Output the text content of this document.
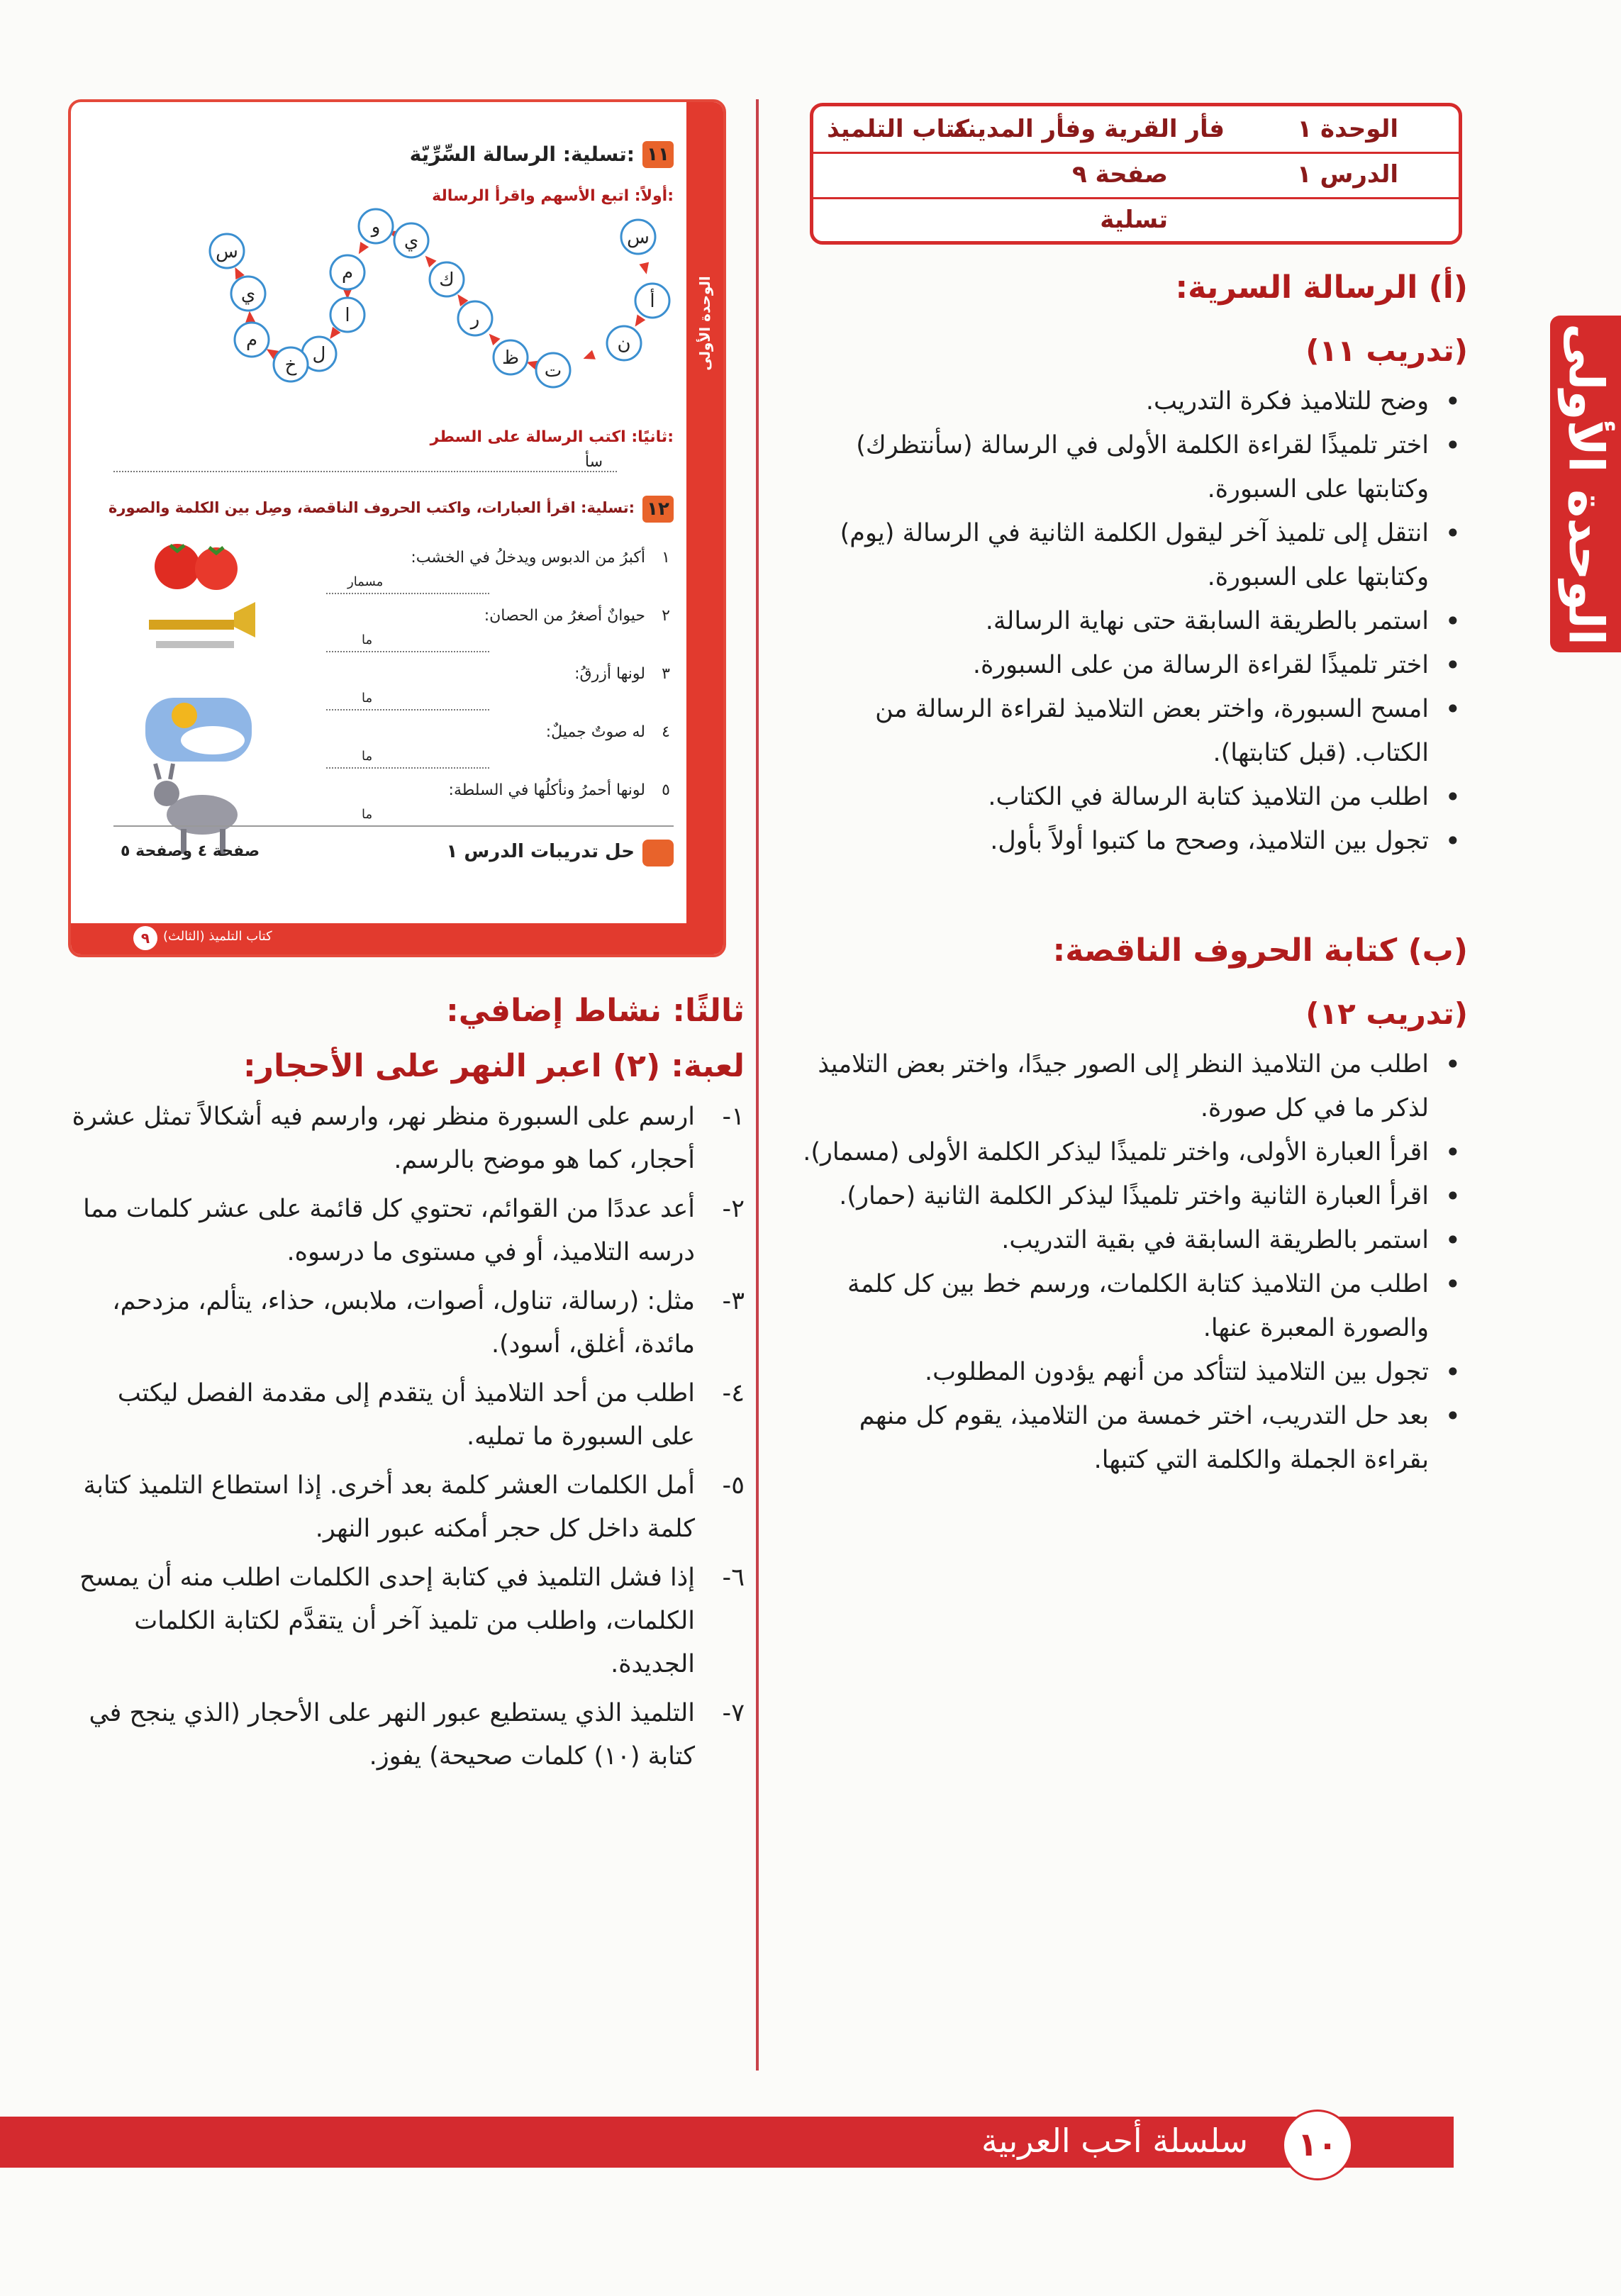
الوحدة الأولى
الوحدة ١
فأر القرية وفأر المدينة
كتاب التلميذ
الدرس ١
صفحة ٩
تسلية
(أ) الرسالة السرية:
(تدريب ١١)
• وضح للتلاميذ فكرة التدريب.
• اختر تلميذًا لقراءة الكلمة الأولى في الرسالة (سأنتظرك) وكتابتها على السبورة.
• انتقل إلى تلميذ آخر ليقول الكلمة الثانية في الرسالة (يوم) وكتابتها على السبورة.
• استمر بالطريقة السابقة حتى نهاية الرسالة.
• اختر تلميذًا لقراءة الرسالة من على السبورة.
• امسح السبورة، واختر بعض التلاميذ لقراءة الرسالة من الكتاب. (قبل كتابتها).
• اطلب من التلاميذ كتابة الرسالة في الكتاب.
• تجول بين التلاميذ، وصحح ما كتبوا أولاً بأول.
(ب) كتابة الحروف الناقصة:
(تدريب ١٢)
• اطلب من التلاميذ النظر إلى الصور جيدًا، واختر بعض التلاميذ لذكر ما في كل صورة.
• اقرأ العبارة الأولى، واختر تلميذًا ليذكر الكلمة الأولى (مسمار).
• اقرأ العبارة الثانية واختر تلميذًا ليذكر الكلمة الثانية (حمار).
• استمر بالطريقة السابقة في بقية التدريب.
• اطلب من التلاميذ كتابة الكلمات، ورسم خط بين كل كلمة والصورة المعبرة عنها.
• تجول بين التلاميذ لتتأكد من أنهم يؤدون المطلوب.
• بعد حل التدريب، اختر خمسة من التلاميذ، يقوم كل منهم بقراءة الجملة والكلمة التي كتبها.
الوحدة الأولى
١١
تسلية: الرسالة السِّرِّيّة:
أولاً: اتبع الأسهم واقرأ الرسالة:
س
أ
ن
ت
ظ
ر
ك
ي
و
م
ا
ل
خ
م
ي
س
ثانيًا: اكتب الرسالة على السطر:
سأ
١٢
تسلية: اقرأ العبارات، واكتب الحروف الناقصة، وصِل بين الكلمة والصورة:
١
أكبرُ من الدبوس ويدخلُ في الخشب:
مسمار
٢
حيوانٌ أصغرُ من الحصان:
ما
٣
لونها أزرقُ:
ما
٤
له صوتٌ جميلٌ:
ما
٥
لونها أحمرُ ونأكلُها في السلطة:
ما
حل تدريبات الدرس ١
صفحة ٤ وصفحة ٥
كتاب التلميذ (الثالث)
٩
ثالثًا: نشاط إضافي:
لعبة: (٢) اعبر النهر على الأحجار:
١-
ارسم على السبورة منظر نهر، وارسم فيه أشكالاً تمثل عشرة أحجار، كما هو موضح بالرسم.
٢-
أعد عددًا من القوائم، تحتوي كل قائمة على عشر كلمات مما درسه التلاميذ، أو في مستوى ما درسوه.
٣-
مثل: (رسالة، تناول، أصوات، ملابس، حذاء، يتألم، مزدحم، مائدة، أغلق، أسود).
٤-
اطلب من أحد التلاميذ أن يتقدم إلى مقدمة الفصل ليكتب على السبورة ما تمليه.
٥-
أمل الكلمات العشر كلمة بعد أخرى. إذا استطاع التلميذ كتابة كلمة داخل كل حجر أمكنه عبور النهر.
٦-
إذا فشل التلميذ في كتابة إحدى الكلمات اطلب منه أن يمسح الكلمات، واطلب من تلميذ آخر أن يتقدَّم لكتابة الكلمات الجديدة.
٧-
التلميذ الذي يستطيع عبور النهر على الأحجار (الذي ينجح في كتابة (١٠) كلمات صحيحة) يفوز.
سلسلة أحب العربية	١٠
